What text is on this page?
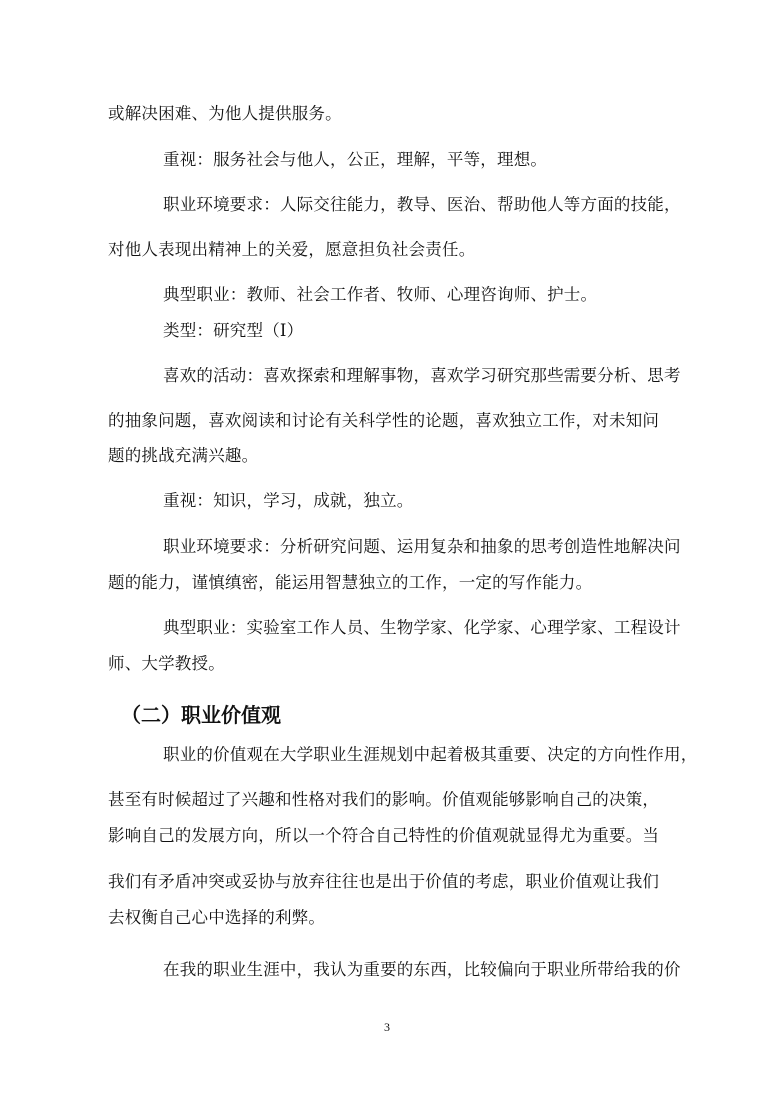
或解决困难、为他人提供服务。
重视：服务社会与他人，公正，理解，平等，理想。
职业环境要求：人际交往能力，教导、医治、帮助他人等方面的技能，
对他人表现出精神上的关爱，愿意担负社会责任。
典型职业：教师、社会工作者、牧师、心理咨询师、护士。
类型：研究型（I）
喜欢的活动：喜欢探索和理解事物，喜欢学习研究那些需要分析、思考
的抽象问题，喜欢阅读和讨论有关科学性的论题，喜欢独立工作，对未知问
题的挑战充满兴趣。
重视：知识，学习，成就，独立。
职业环境要求：分析研究问题、运用复杂和抽象的思考创造性地解决问
题的能力，谨慎缜密，能运用智慧独立的工作，一定的写作能力。
典型职业：实验室工作人员、生物学家、化学家、心理学家、工程设计
师、大学教授。
（二）职业价值观
职业的价值观在大学职业生涯规划中起着极其重要、决定的方向性作用，
甚至有时候超过了兴趣和性格对我们的影响。价值观能够影响自己的决策，
影响自己的发展方向，所以一个符合自己特性的价值观就显得尤为重要。当
我们有矛盾冲突或妥协与放弃往往也是出于价值的考虑，职业价值观让我们
去权衡自己心中选择的利弊。
在我的职业生涯中，我认为重要的东西，比较偏向于职业所带给我的价
3
